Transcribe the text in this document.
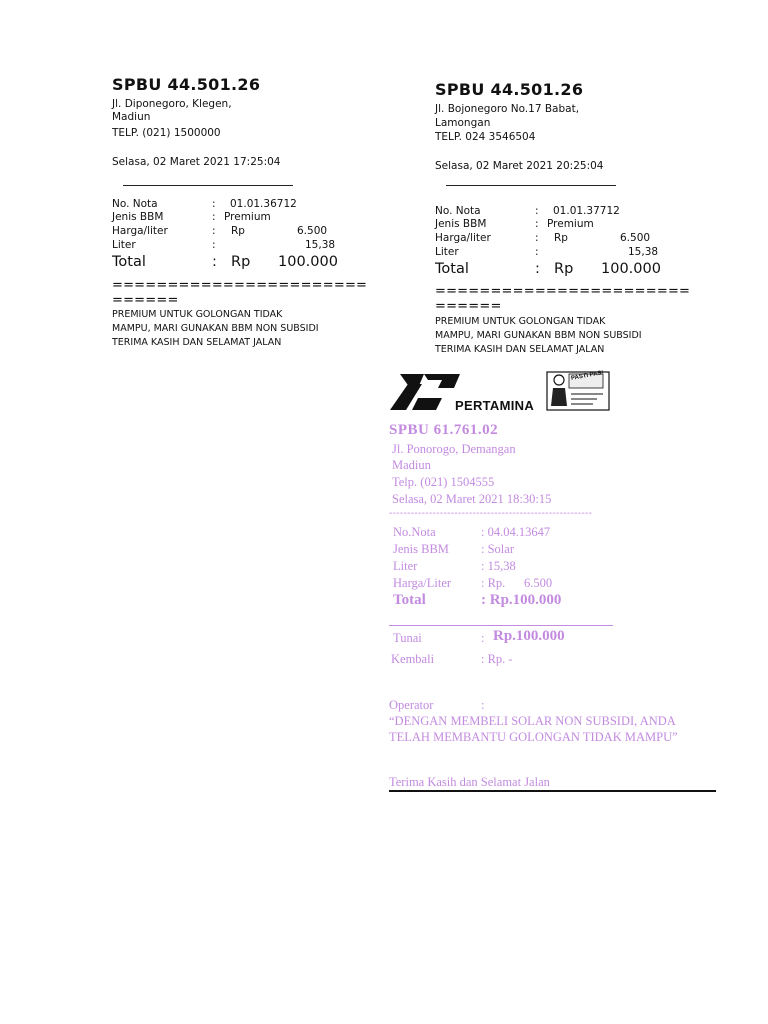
SPBU 44.501.26
Jl. Diponegoro, Klegen,
Madiun
TELP. (021) 1500000
Selasa, 02 Maret 2021 17:25:04
No. Nota	: 01.01.36712
Jenis BBM	: Premium
Harga/liter	: Rp	6.500
Liter	:	15,38
Total	: Rp 100.000
=======================
======
PREMIUM UNTUK GOLONGAN TIDAK
MAMPU, MARI GUNAKAN BBM NON SUBSIDI
TERIMA KASIH DAN SELAMAT JALAN
SPBU 44.501.26
Jl. Bojonegoro No.17 Babat,
Lamongan
TELP. 024 3546504
Selasa, 02 Maret 2021 20:25:04
No. Nota	: 01.01.37712
Jenis BBM	: Premium
Harga/liter	: Rp	6.500
Liter	:	15,38
Total	: Rp 100.000
=======================
======
PREMIUM UNTUK GOLONGAN TIDAK
MAMPU, MARI GUNAKAN BBM NON SUBSIDI
TERIMA KASIH DAN SELAMAT JALAN
PERTAMINA
PASTI PAS!
SPBU 61.761.02
Jl. Ponorogo, Demangan
Madiun
Telp. (021) 1504555
Selasa, 02 Maret 2021 18:30:15
--------------------------------------------------------
No.Nota	: 04.04.13647
Jenis BBM	: Solar
Liter	: 15,38
Harga/Liter : Rp.      6.500
Total	: Rp.100.000
Tunai	: Rp.100.000
Kembali	: Rp. -
Operator	:
“DENGAN MEMBELI SOLAR NON SUBSIDI, ANDA
TELAH MEMBANTU GOLONGAN TIDAK MAMPU”
Terima Kasih dan Selamat Jalan
